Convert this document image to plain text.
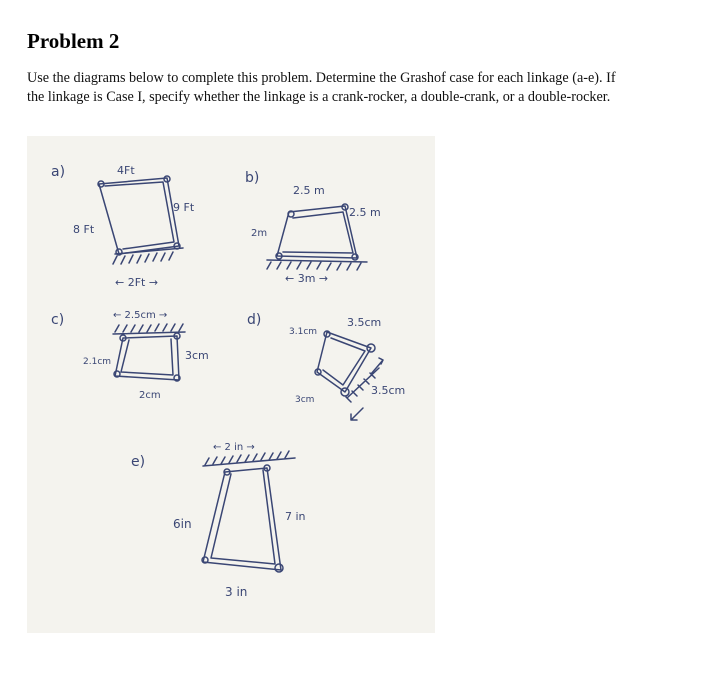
Problem 2
Use the diagrams below to complete this problem. Determine the Grashof case for each linkage (a-e). If
the linkage is Case I, specify whether the linkage is a crank-rocker, a double-crank, or a double-rocker.
a)	4Ft
8 Ft
9 Ft
← 2Ft →
b)
2.5 m
2m
2.5 m
← 3m →
c)	← 2.5cm →
2.1cm	3cm
2cm
d)
3.1cm
3.5cm
3cm
3.5cm
e)
← 2 in →
6in
7 in
3 in
